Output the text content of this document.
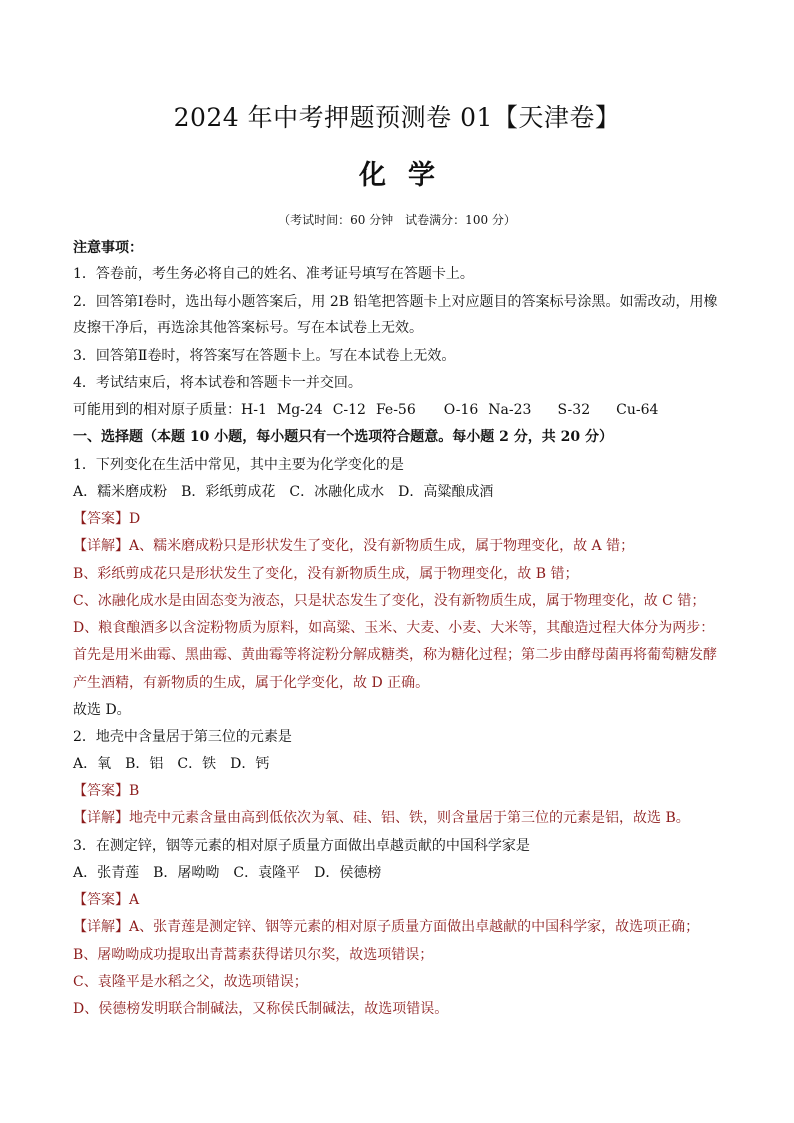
2024 年中考押题预测卷 01【天津卷】
化学
（考试时间：60 分钟　试卷满分：100 分）
注意事项：
1．答卷前，考生务必将自己的姓名、准考证号填写在答题卡上。
2．回答第Ⅰ卷时，选出每小题答案后，用 2B 铅笔把答题卡上对应题目的答案标号涂黑。如需改动，用橡
皮擦干净后，再选涂其他答案标号。写在本试卷上无效。
3．回答第Ⅱ卷时，将答案写在答题卡上。写在本试卷上无效。
4．考试结束后，将本试卷和答题卡一并交回。
可能用到的相对原子质量：H-1 Mg-24 C-12 Fe-56 O-16 Na-23 S-32 Cu-64
一、选择题（本题 10 小题，每小题只有一个选项符合题意。每小题 2 分，共 20 分）
1．下列变化在生活中常见，其中主要为化学变化的是
A．糯米磨成粉 B．彩纸剪成花 C．冰融化成水 D．高粱酿成酒
【答案】D
【详解】A、糯米磨成粉只是形状发生了变化，没有新物质生成，属于物理变化，故 A 错；
B、彩纸剪成花只是形状发生了变化，没有新物质生成，属于物理变化，故 B 错；
C、冰融化成水是由固态变为液态，只是状态发生了变化，没有新物质生成，属于物理变化，故 C 错；
D、粮食酿酒多以含淀粉物质为原料，如高粱、玉米、大麦、小麦、大米等，其酿造过程大体分为两步：
首先是用米曲霉、黑曲霉、黄曲霉等将淀粉分解成糖类，称为糖化过程；第二步由酵母菌再将葡萄糖发酵
产生酒精，有新物质的生成，属于化学变化，故 D 正确。
故选 D。
2．地壳中含量居于第三位的元素是
A．氧 B．铝 C．铁 D．钙
【答案】B
【详解】地壳中元素含量由高到低依次为氧、硅、铝、铁，则含量居于第三位的元素是铝，故选 B。
3．在测定锌，铟等元素的相对原子质量方面做出卓越贡献的中国科学家是
A．张青莲 B．屠呦呦 C．袁隆平 D．侯德榜
【答案】A
【详解】A、张青莲是测定锌、铟等元素的相对原子质量方面做出卓越献的中国科学家，故选项正确；
B、屠呦呦成功提取出青蒿素获得诺贝尔奖，故选项错误；
C、袁隆平是水稻之父，故选项错误；
D、侯德榜发明联合制碱法，又称侯氏制碱法，故选项错误。
